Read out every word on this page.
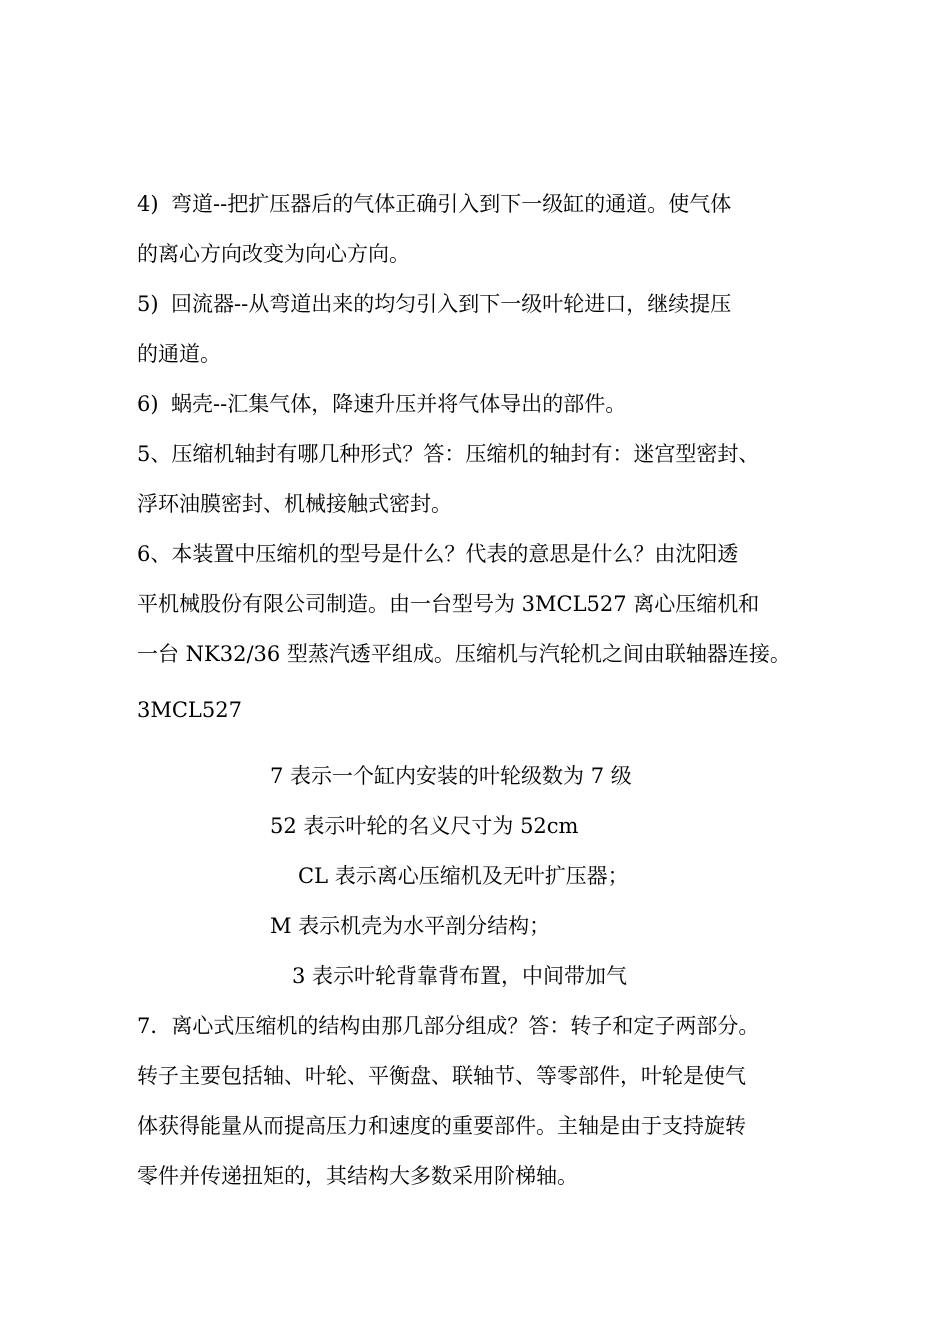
4) 弯道--把扩压器后的气体正确引入到下一级缸的通道。使气体
的离心方向改变为向心方向。
5) 回流器--从弯道出来的均匀引入到下一级叶轮进口，继续提压
的通道。
6) 蜗壳--汇集气体，降速升压并将气体导出的部件。
5、压缩机轴封有哪几种形式？答：压缩机的轴封有：迷宫型密封、
浮环油膜密封、机械接触式密封。
6、本装置中压缩机的型号是什么？代表的意思是什么？由沈阳透
平机械股份有限公司制造。由一台型号为 3MCL527 离心压缩机和
一台 NK32/36 型蒸汽透平组成。压缩机与汽轮机之间由联轴器连接。
3MCL527
7 表示一个缸内安装的叶轮级数为 7 级
52 表示叶轮的名义尺寸为 52cm
CL 表示离心压缩机及无叶扩压器；
M 表示机壳为水平剖分结构；
3 表示叶轮背靠背布置，中间带加气
7．离心式压缩机的结构由那几部分组成？答：转子和定子两部分。
转子主要包括轴、叶轮、平衡盘、联轴节、等零部件，叶轮是使气
体获得能量从而提高压力和速度的重要部件。主轴是由于支持旋转
零件并传递扭矩的，其结构大多数采用阶梯轴。
